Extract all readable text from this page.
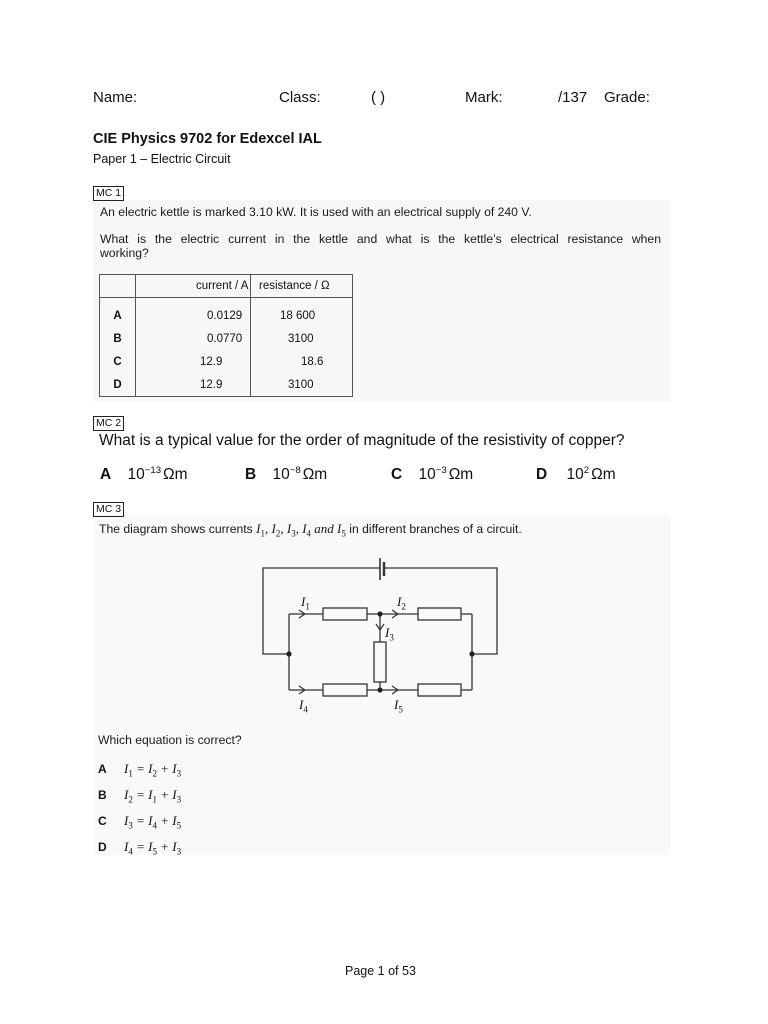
Name:	Class:	( )	Mark:	/137 Grade:
CIE Physics 9702 for Edexcel IAL
Paper 1 – Electric Circuit
MC 1
An electric kettle is marked 3.10 kW. It is used with an electrical supply of 240 V.
What is the electric current in the kettle and what is the kettle’s electrical resistance when
working?
	current / A	resistance / Ω
A	0.0129	18 600
B	0.0770	3100
C	12.9	18.6
D	12.9	3100
MC 2
What is a typical value for the order of magnitude of the resistivity of copper?
A $10^{-13}$ Ωm	B $10^{-8}$ Ωm	C $10^{-3}$ Ωm	D $10^2$ Ωm
MC 3
The diagram shows currents $I_1$, $I_2$, $I_3$, $I_4$ and $I_5$ in different branches of a circuit.
$I_1$	$I_2$
$I_3$
$I_4$	$I_5$
Which equation is correct?
A $I_1 = I_2 + I_3$
B $I_2 = I_1 + I_3$
C $I_3 = I_4 + I_5$
D $I_4 = I_5 + I_3$
Page 1 of 53
